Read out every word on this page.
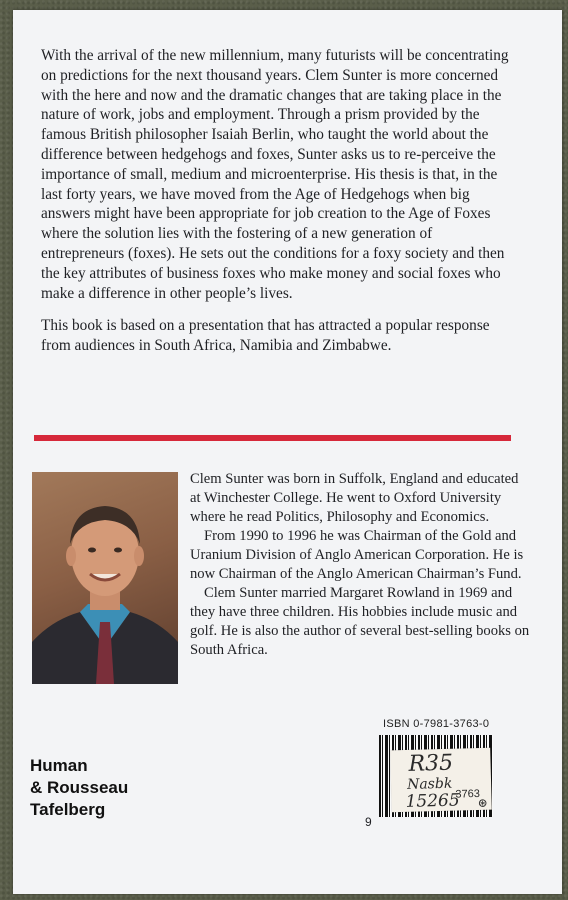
With the arrival of the new millennium, many futurists will be concentrating on predictions for the next thousand years. Clem Sunter is more concerned with the here and now and the dramatic changes that are taking place in the nature of work, jobs and employment. Through a prism provided by the famous British philosopher Isaiah Berlin, who taught the world about the difference between hedgehogs and foxes, Sunter asks us to re-perceive the importance of small, medium and microenterprise. His thesis is that, in the last forty years, we have moved from the Age of Hedgehogs when big answers might have been appropriate for job creation to the Age of Foxes where the solution lies with the fostering of a new generation of entrepreneurs (foxes). He sets out the conditions for a foxy society and then the key attributes of business foxes who make money and social foxes who make a difference in other people’s lives.

This book is based on a presentation that has attracted a popular response from audiences in South Africa, Namibia and Zimbabwe.

Clem Sunter was born in Suffolk, England and educated at Winchester College. He went to Oxford University where he read Politics, Philosophy and Economics.

From 1990 to 1996 he was Chairman of the Gold and Uranium Division of Anglo American Corporation. He is now Chairman of the Anglo American Chairman’s Fund.

Clem Sunter married Margaret Rowland in 1969 and they have three children. His hobbies include music and golf. He is also the author of several best-selling books on South Africa.

Human
& Rousseau
Tafelberg
ISBN 0-7981-3763-0
9
R35
Nasbk
15265
3763
⊛
